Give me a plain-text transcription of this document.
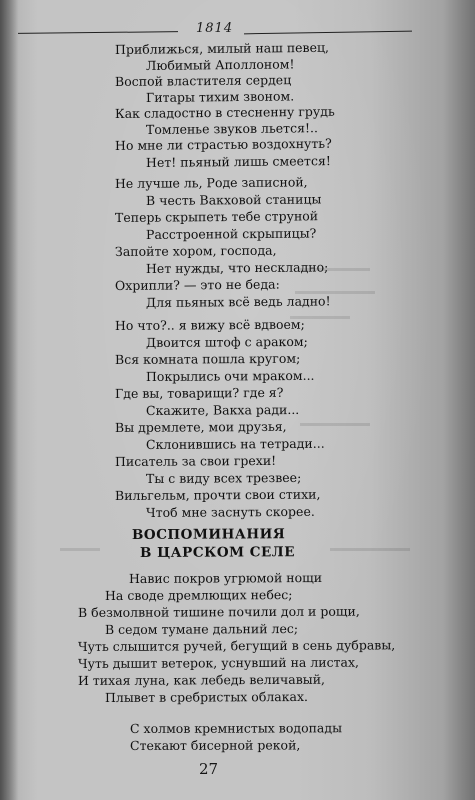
1814
Приближься, милый наш певец,
Любимый Аполлоном!
Воспой властителя сердец
Гитары тихим звоном.
Как сладостно в стесненну грудь
Томленье звуков льется!..
Но мне ли страстью воздохнуть?
Нет! пьяный лишь смеется!
Не лучше ль, Роде записной,
В честь Вакховой станицы
Теперь скрыпеть тебе струной
Расстроенной скрыпицы?
Запойте хором, господа,
Нет нужды, что нескладно;
Охрипли? — это не беда:
Для пьяных всё ведь ладно!
Но что?.. я вижу всё вдвоем;
Двоится штоф с араком;
Вся комната пошла кругом;
Покрылись очи мраком...
Где вы, товарищи? где я?
Скажите, Вакха ради...
Вы дремлете, мои друзья,
Склонившись на тетради...
Писатель за свои грехи!
Ты с виду всех трезвее;
Вильгельм, прочти свои стихи,
Чтоб мне заснуть скорее.
ВОСПОМИНАНИЯ
В ЦАРСКОМ СЕЛЕ
Навис покров угрюмой нощи
На своде дремлющих небес;
В безмолвной тишине почили дол и рощи,
В седом тумане дальний лес;
Чуть слышится ручей, бегущий в сень дубравы,
Чуть дышит ветерок, уснувший на листах,
И тихая луна, как лебедь величавый,
Плывет в сребристых облаках.
С холмов кремнистых водопады
Стекают бисерной рекой,
27
